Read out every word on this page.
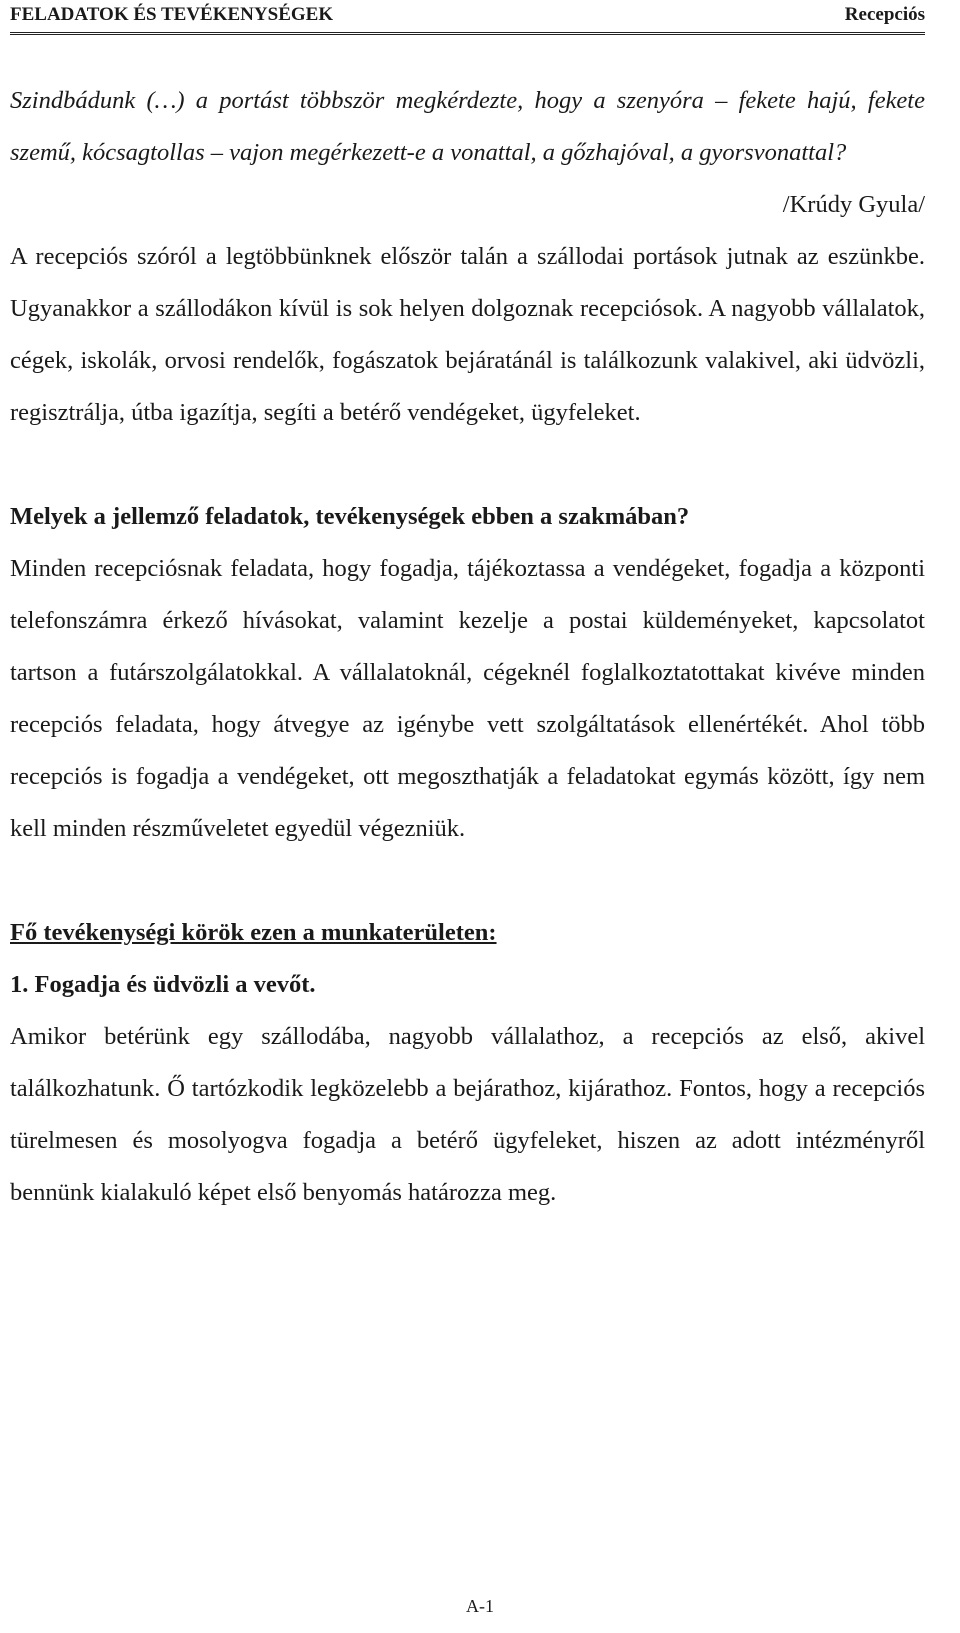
FELADATOK ÉS TEVÉKENYSÉGEK	Recepciós

Szindbádunk (…) a portást többször megkérdezte, hogy a szenyóra – fekete hajú, fekete szemű, kócsagtollas – vajon megérkezett-e a vonattal, a gőzhajóval, a gyorsvonattal?

/Krúdy Gyula/

A recepciós szóról a legtöbbünknek először talán a szállodai portások jutnak az eszünkbe. Ugyanakkor a szállodákon kívül is sok helyen dolgoznak recepciósok. A nagyobb vállalatok, cégek, iskolák, orvosi rendelők, fogászatok bejáratánál is találkozunk valakivel, aki üdvözli, regisztrálja, útba igazítja, segíti a betérő vendégeket, ügyfeleket.

Melyek a jellemző feladatok, tevékenységek ebben a szakmában?

Minden recepciósnak feladata, hogy fogadja, tájékoztassa a vendégeket, fogadja a központi telefonszámra érkező hívásokat, valamint kezelje a postai küldeményeket, kapcsolatot tartson a futárszolgálatokkal. A vállalatoknál, cégeknél foglalkoztatottakat kivéve minden recepciós feladata, hogy átvegye az igénybe vett szolgáltatások ellenértékét. Ahol több recepciós is fogadja a vendégeket, ott megoszthatják a feladatokat egymás között, így nem kell minden részműveletet egyedül végezniük.

Fő tevékenységi körök ezen a munkaterületen:

1. Fogadja és üdvözli a vevőt.

Amikor betérünk egy szállodába, nagyobb vállalathoz, a recepciós az első, akivel találkozhatunk. Ő tartózkodik legközelebb a bejárathoz, kijárathoz. Fontos, hogy a recepciós türelmesen és mosolyogva fogadja a betérő ügyfeleket, hiszen az adott intézményről bennünk kialakuló képet első benyomás határozza meg.

A-1
